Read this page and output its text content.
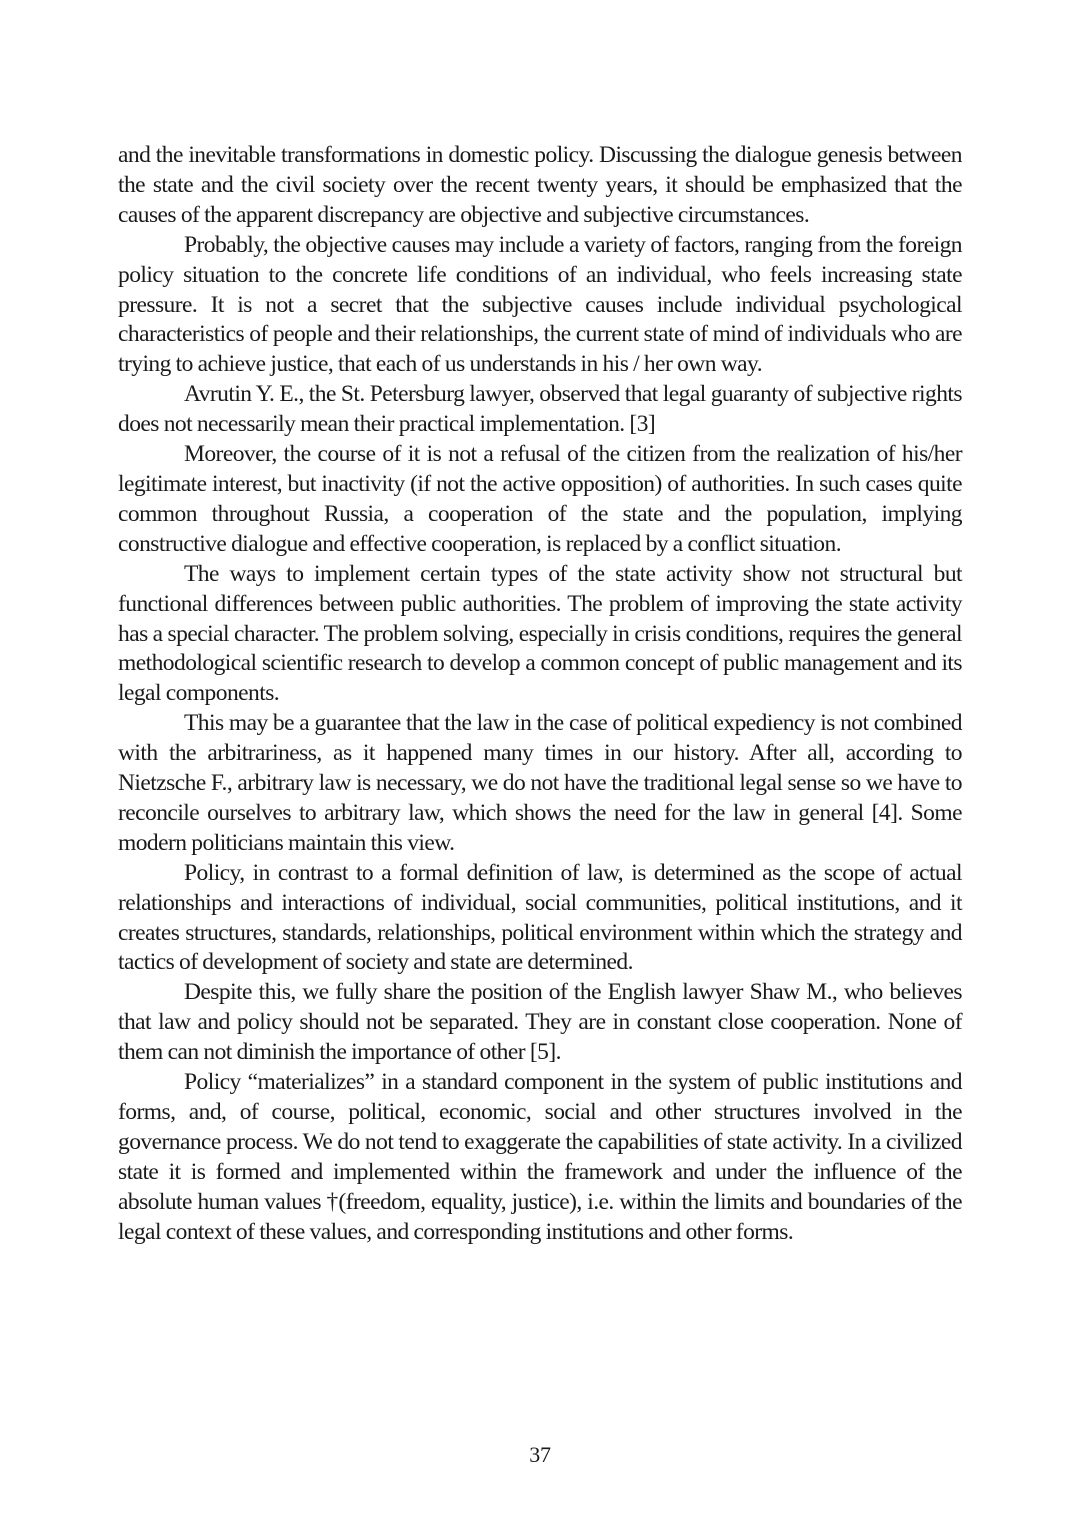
and the inevitable transformations in domestic policy. Discussing the dialogue genesis between the state and the civil society over the recent twenty years, it should be emphasized that the causes of the apparent discrepancy are objective and subjective circumstances.

Probably, the objective causes may include a variety of factors, ranging from the foreign policy situation to the concrete life conditions of an individual, who feels increasing state pressure. It is not a secret that the subjective causes include individual psychological characteristics of people and their relationships, the current state of mind of individuals who are trying to achieve justice, that each of us understands in his / her own way.

Avrutin Y. E., the St. Petersburg lawyer, observed that legal guaranty of subjective rights does not necessarily mean their practical implementation. [3]

Moreover, the course of it is not a refusal of the citizen from the realization of his/her legitimate interest, but inactivity (if not the active opposition) of authorities. In such cases quite common throughout Russia, a cooperation of the state and the population, implying constructive dialogue and effective cooperation, is replaced by a conflict situation.

The ways to implement certain types of the state activity show not structural but functional differences between public authorities. The problem of improving the state activity has a special character. The problem solving, especially in crisis conditions, requires the general methodological scientific research to develop a common concept of public management and its legal components.

This may be a guarantee that the law in the case of political expediency is not combined with the arbitrariness, as it happened many times in our history. After all, according to Nietzsche F., arbitrary law is necessary, we do not have the traditional legal sense so we have to reconcile ourselves to arbitrary law, which shows the need for the law in general [4]. Some modern politicians maintain this view.

Policy, in contrast to a formal definition of law, is determined as the scope of actual relationships and interactions of individual, social communities, political institutions, and it creates structures, standards, relationships, political environment within which the strategy and tactics of development of society and state are determined.

Despite this, we fully share the position of the English lawyer Shaw M., who believes that law and policy should not be separated. They are in constant close cooperation. None of them can not diminish the importance of other [5].

Policy “materializes” in a standard component in the system of public institutions and forms, and, of course, political, economic, social and other structures involved in the governance process. We do not tend to exaggerate the capabilities of state activity. In a civilized state it is formed and implemented within the framework and under the influence of the absolute human values †(freedom, equality, justice), i.e. within the limits and boundaries of the legal context of these values, and corresponding institutions and other forms.

37
